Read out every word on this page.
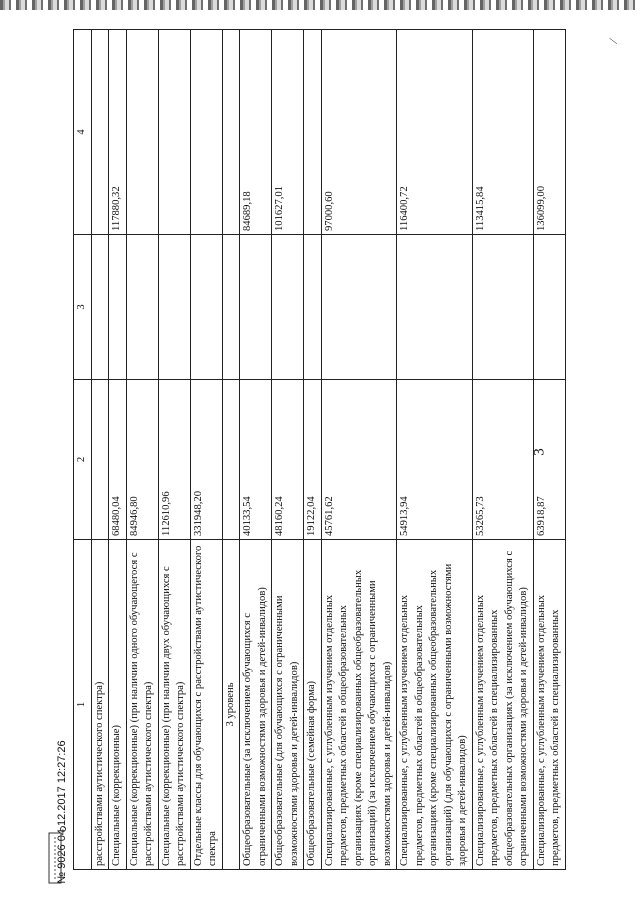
3
1	2	3	4
расстройствами аутистического спектра)			
Специальные (коррекционные)	68480,04		117880,32
Специальные (коррекционные) (при наличии одного обучающегося с расстройствами аутистического спектра)	84946,80		
Специальные (коррекционные) (при наличии двух обучающихся с расстройствами аутистического спектра)	112610,96		
Отдельные классы для обучающихся с расстройствами аутистического спектра	331948,20		
3 уровень			
Общеобразовательные (за исключением обучающихся с ограниченными возможностями здоровья и детей-инвалидов)	40133,54		84689,18
Общеобразовательные (для обучающихся с ограниченными возможностями здоровья и детей-инвалидов)	48160,24		101627,01
Общеобразовательные (семейная форма)	19122,04		
Специализированные, с углубленным изучением отдельных предметов, предметных областей в общеобразовательных организациях (кроме специализированных общеобразовательных организаций) (за исключением обучающихся с ограниченными возможностями здоровья и детей-инвалидов)	45761,62		97000,60
Специализированные, с углубленным изучением отдельных предметов, предметных областей в общеобразовательных организациях (кроме специализированных общеобразовательных организаций) (для обучающихся с ограниченными возможностями здоровья и детей-инвалидов)	54913,94		116400,72
Специализированные, с углубленным изучением отдельных предметов, предметных областей в специализированных общеобразовательных организациях (за исключением обучающихся с ограниченными возможностями здоровья и детей-инвалидов)	53265,73		113415,84
Специализированные, с углубленным изучением отдельных предметов, предметных областей в специализированных	63918,87		136099,00
№ 9026 04.12.2017 12:27:26
⁄
